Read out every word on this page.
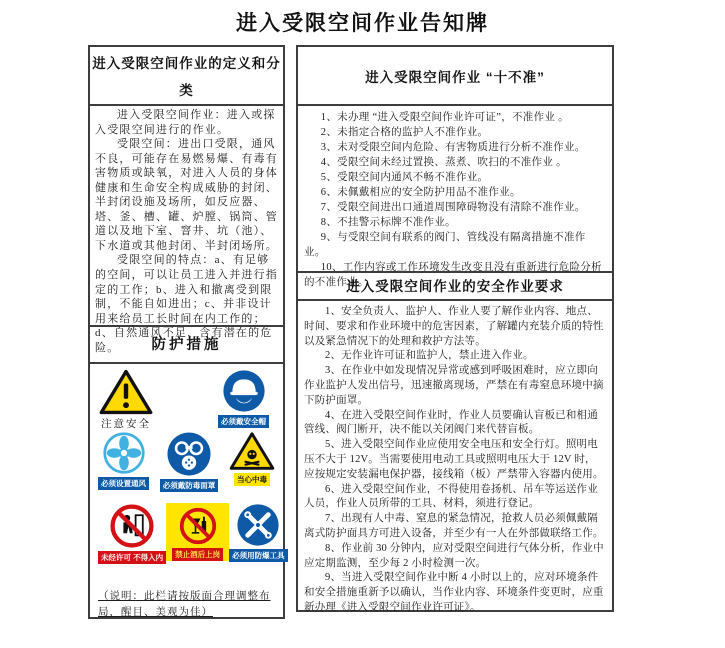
进入受限空间作业告知牌
进入受限空间作业的定义和分类
进入受限空间作业：进入或探入受限空间进行的作业。
受限空间：进出口受限，通风不良，可能存在易燃易爆、有毒有害物质或缺氧，对进入人员的身体健康和生命安全构成威胁的封闭、半封闭设施及场所，如反应器、塔、釜、槽、罐、炉膛、锅筒、管道以及地下室、窨井、坑（池）、下水道或其他封闭、半封闭场所。
受限空间的特点：a、有足够的空间，可以让员工进入并进行指定的工作；b、进入和撤离受到限制，不能自如进出；c、并非设计用来给员工长时间在内工作的；d、自然通风不足，含有潜在的危险。	防护措施
注意安全	必须戴安全帽
必须设置通风	必须戴防毒面罩
当心中毒
未经许可 不得入内	禁止酒后上岗	必须用防爆工具
（说明：此栏请按版面合理调整布局，醒目、美观为佳）
进入受限空间作业 “十不准”
1、未办理 “进入受限空间作业许可证”，不准作业 。
2、未指定合格的监护人不准作业。
3、未对受限空间内危险、有害物质进行分析不准作业。
4、受限空间未经过置换、蒸煮、吹扫的不准作业 。
5、受限空间内通风不畅不准作业。
6、未佩戴相应的安全防护用品不准作业。
7、受限空间进出口通道周围障碍物没有清除不准作业。
8、不挂警示标牌不准作业。
9、与受限空间有联系的阀门、管线没有隔离措施不准作业。
10、工作内容或工作环境发生改变且没有重新进行危险分析的不准作业。
进入受限空间作业的安全作业要求
1、安全负责人、监护人、作业人要了解作业内容、地点、时间、要求和作业环境中的危害因素，了解罐内充装介质的特性以及紧急情况下的处理和救护方法等。
2、无作业许可证和监护人，禁止进入作业。
3、在作业中如发现情况异常或感到呼吸困难时，应立即向作业监护人发出信号，迅速撤离现场，严禁在有毒窒息环境中摘下防护面罩。
4、在进入受限空间作业时，作业人员要确认盲板已和相通管线、阀门断开，决不能以关闭阀门来代替盲板。
5、进入受限空间作业应使用安全电压和安全行灯。照明电压不大于 12V。当需要使用电动工具或照明电压大于 12V 时，应按规定安装漏电保护器，接线箱（板）严禁带入容器内使用。
6、进入受限空间作业，不得使用卷扬机、吊车等运送作业人员，作业人员所带的工具、材料，须进行登记。
7、出现有人中毒、窒息的紧急情况，抢救人员必须佩戴隔离式防护面具方可进入设备，并至少有一人在外部做联络工作。
8、作业前 30 分钟内，应对受限空间进行气体分析，作业中应定期监测，至少每 2 小时检测一次。
9、当进入受限空间作业中断 4 小时以上的，应对环境条件和安全措施重新予以确认，当作业内容、环境条件变更时，应重新办理《进入受限空间作业许可证》。
